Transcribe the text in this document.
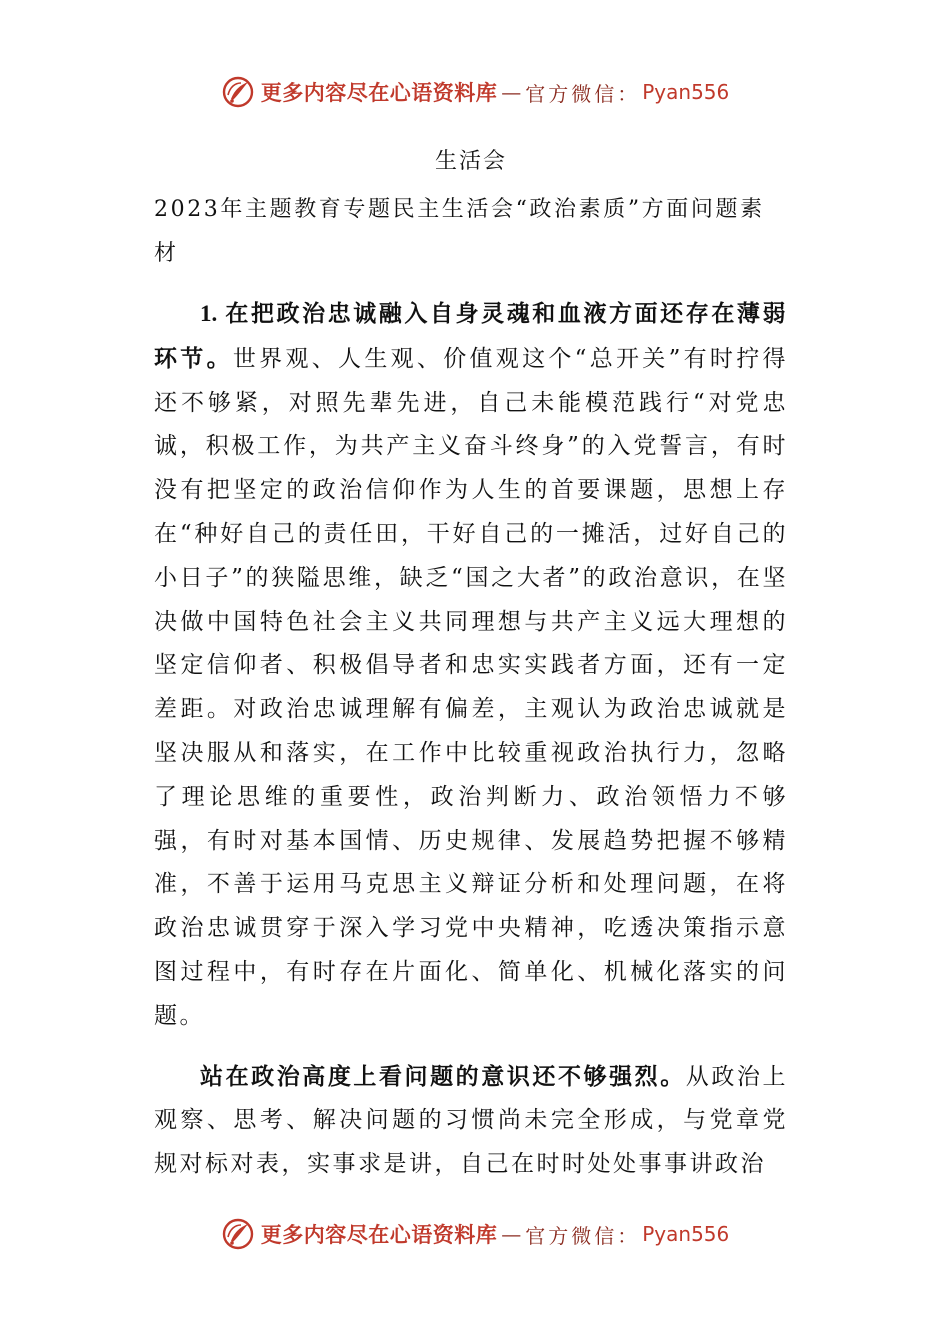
更多内容尽在心语资料库 — 官方微信： Pyan556

生活会

2023年主题教育专题民主生活会“政治素质”方面问题素材

1. 在把政治忠诚融入自身灵魂和血液方面还存在薄弱环节。世界观、人生观、价值观这个“总开关”有时拧得还不够紧，对照先辈先进，自己未能模范践行“对党忠诚，积极工作，为共产主义奋斗终身”的入党誓言，有时没有把坚定的政治信仰作为人生的首要课题，思想上存在“种好自己的责任田，干好自己的一摊活，过好自己的小日子”的狭隘思维，缺乏“国之大者”的政治意识，在坚决做中国特色社会主义共同理想与共产主义远大理想的坚定信仰者、积极倡导者和忠实实践者方面，还有一定差距。对政治忠诚理解有偏差，主观认为政治忠诚就是坚决服从和落实，在工作中比较重视政治执行力，忽略了理论思维的重要性，政治判断力、政治领悟力不够强，有时对基本国情、历史规律、发展趋势把握不够精准，不善于运用马克思主义辩证分析和处理问题，在将政治忠诚贯穿于深入学习党中央精神，吃透决策指示意图过程中，有时存在片面化、简单化、机械化落实的问题。

站在政治高度上看问题的意识还不够强烈。从政治上观察、思考、解决问题的习惯尚未完全形成，与党章党规对标对表，实事求是讲，自己在时时处处事事讲政治

更多内容尽在心语资料库 — 官方微信： Pyan556
